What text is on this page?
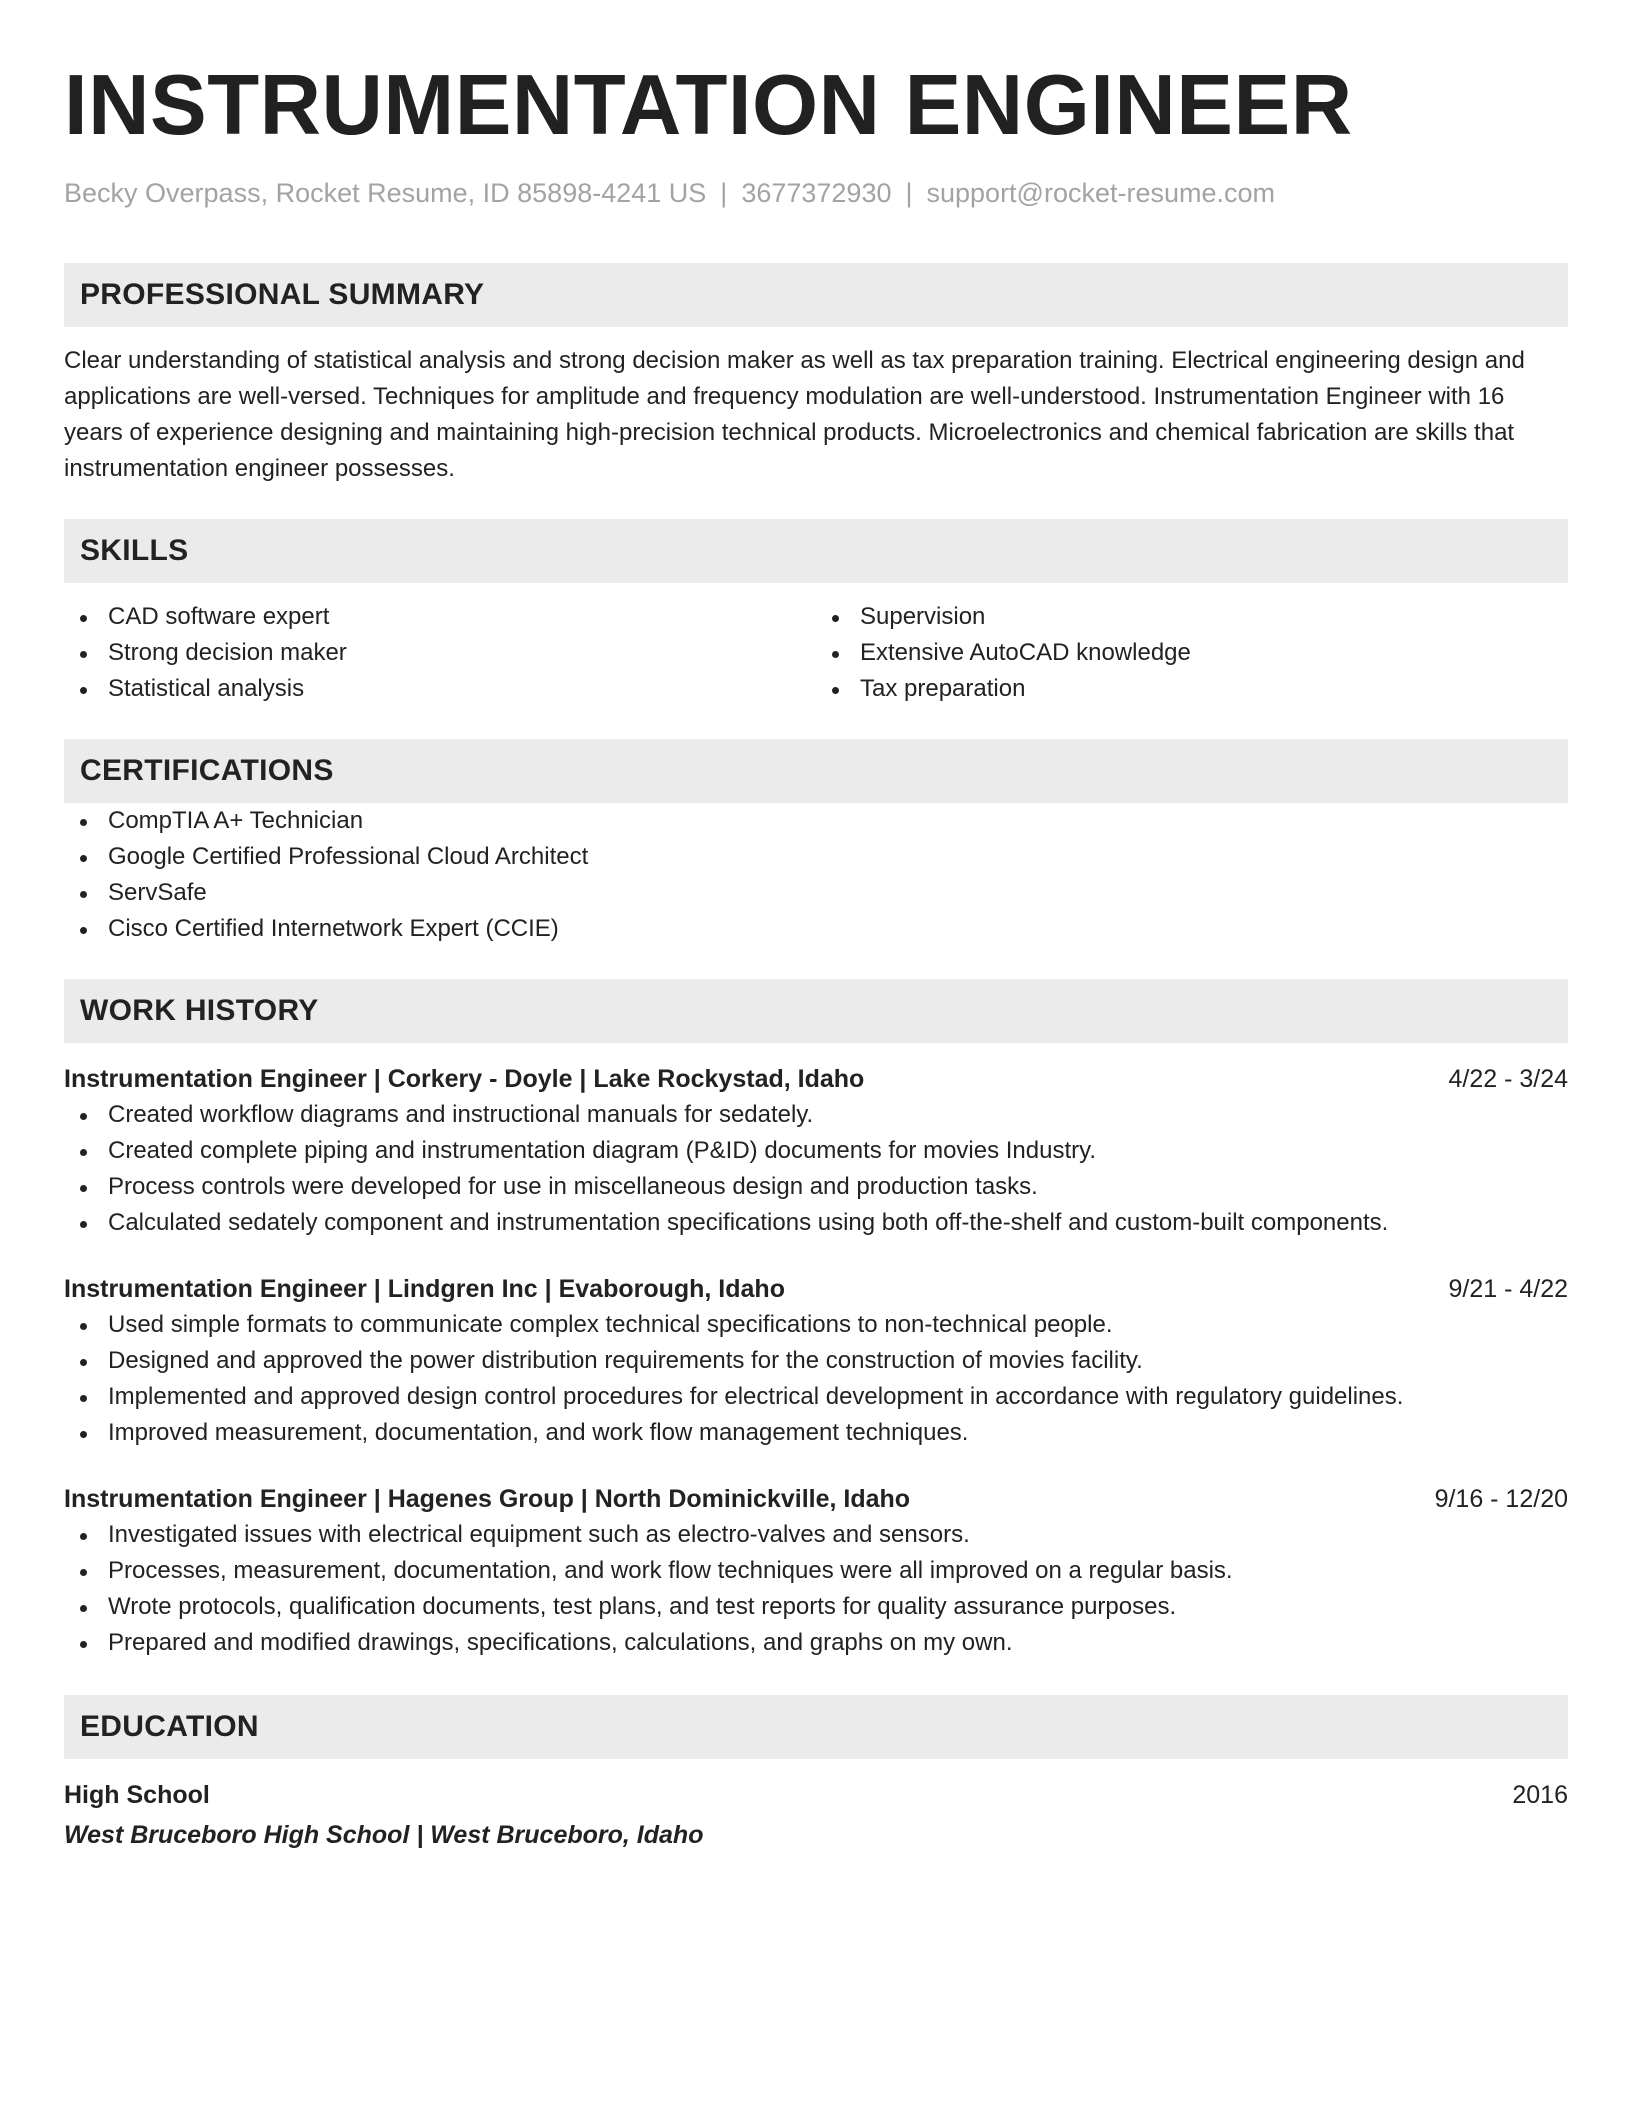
INSTRUMENTATION ENGINEER
Becky Overpass, Rocket Resume, ID 85898-4241 US | 3677372930 | support@rocket-resume.com
PROFESSIONAL SUMMARY
Clear understanding of statistical analysis and strong decision maker as well as tax preparation training. Electrical engineering design and applications are well-versed. Techniques for amplitude and frequency modulation are well-understood. Instrumentation Engineer with 16 years of experience designing and maintaining high-precision technical products. Microelectronics and chemical fabrication are skills that instrumentation engineer possesses.
SKILLS
CAD software expert
Strong decision maker
Statistical analysis
Supervision
Extensive AutoCAD knowledge
Tax preparation
CERTIFICATIONS
CompTIA A+ Technician
Google Certified Professional Cloud Architect
ServSafe
Cisco Certified Internetwork Expert (CCIE)
WORK HISTORY
Instrumentation Engineer | Corkery - Doyle | Lake Rockystad, Idaho	4/22 - 3/24
Created workflow diagrams and instructional manuals for sedately.
Created complete piping and instrumentation diagram (P&ID) documents for movies Industry.
Process controls were developed for use in miscellaneous design and production tasks.
Calculated sedately component and instrumentation specifications using both off-the-shelf and custom-built components.
Instrumentation Engineer | Lindgren Inc | Evaborough, Idaho	9/21 - 4/22
Used simple formats to communicate complex technical specifications to non-technical people.
Designed and approved the power distribution requirements for the construction of movies facility.
Implemented and approved design control procedures for electrical development in accordance with regulatory guidelines.
Improved measurement, documentation, and work flow management techniques.
Instrumentation Engineer | Hagenes Group | North Dominickville, Idaho	9/16 - 12/20
Investigated issues with electrical equipment such as electro-valves and sensors.
Processes, measurement, documentation, and work flow techniques were all improved on a regular basis.
Wrote protocols, qualification documents, test plans, and test reports for quality assurance purposes.
Prepared and modified drawings, specifications, calculations, and graphs on my own.
EDUCATION
High School	2016
West Bruceboro High School | West Bruceboro, Idaho
